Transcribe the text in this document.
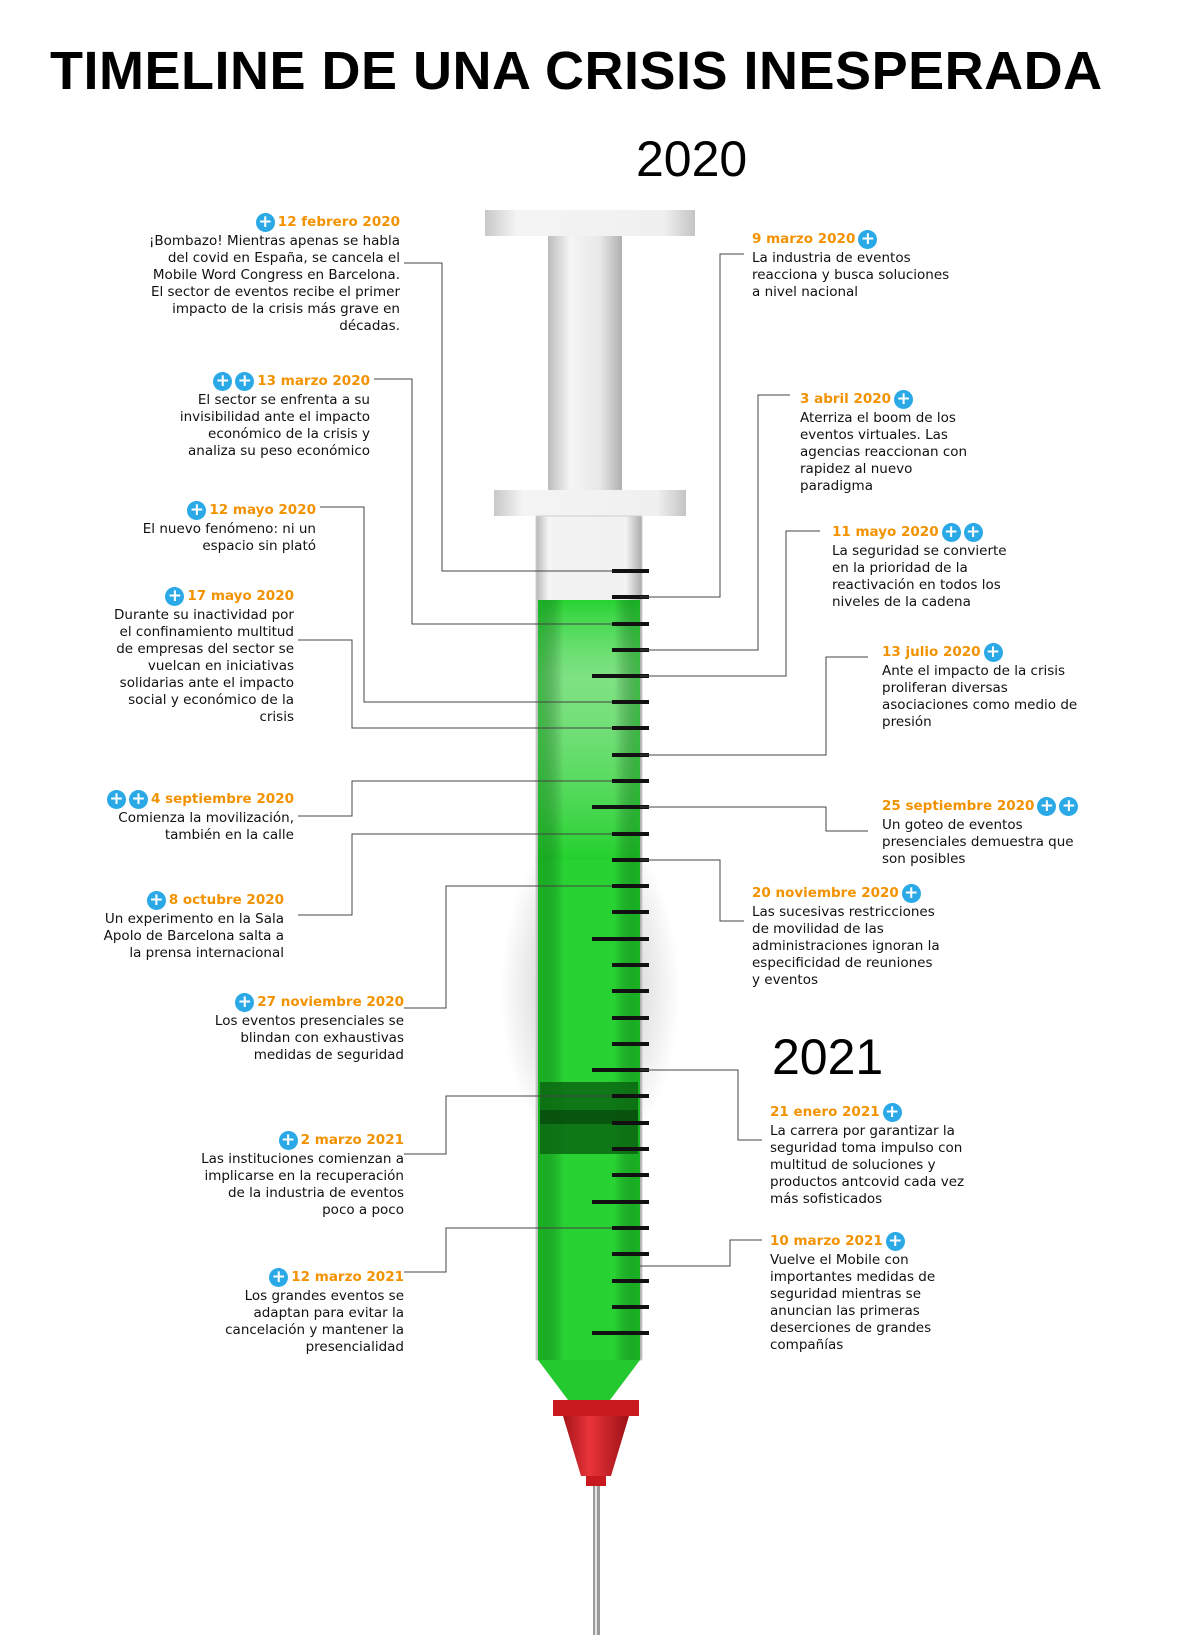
TIMELINE DE UNA CRISIS INESPERADA
2020
2021
+ 12 febrero 2020
¡Bombazo! Mientras apenas se habla del covid en España, se cancela el Mobile Word Congress en Barcelona. El sector de eventos recibe el primer impacto de la crisis más grave en décadas.
9 marzo 2020 +
La industria de eventos reacciona y busca soluciones a nivel nacional
+ + 13 marzo 2020
El sector se enfrenta a su invisibilidad ante el impacto económico de la crisis y analiza su peso económico
3 abril 2020 +
Aterriza el boom de los eventos virtuales. Las agencias reaccionan con rapidez al nuevo paradigma
+ 12 mayo 2020
El nuevo fenómeno: ni un espacio sin plató
11 mayo 2020 + +
La seguridad se convierte en la prioridad de la reactivación en todos los niveles de la cadena
+ 17 mayo 2020
Durante su inactividad por el confinamiento multitud de empresas del sector se vuelcan en iniciativas solidarias ante el impacto social y económico de la crisis
13 julio 2020 +
Ante el impacto de la crisis proliferan diversas asociaciones como medio de presión
+ + 4 septiembre 2020
Comienza la movilización, también en la calle
25 septiembre 2020 + +
Un goteo de eventos presenciales demuestra que son posibles
+ 8 octubre 2020
Un experimento en la Sala Apolo de Barcelona salta a la prensa internacional
20 noviembre 2020 +
Las sucesivas restricciones de movilidad de las administraciones ignoran la especificidad de reuniones y eventos
+ 27 noviembre 2020
Los eventos presenciales se blindan con exhaustivas medidas de seguridad
21 enero 2021 +
La carrera por garantizar la seguridad toma impulso con multitud de soluciones y productos antcovid cada vez más sofisticados
+ 2 marzo 2021
Las instituciones comienzan a implicarse en la recuperación de la industria de eventos poco a poco
10 marzo 2021 +
Vuelve el Mobile con importantes medidas de seguridad mientras se anuncian las primeras deserciones de grandes compañías
+ 12 marzo 2021
Los grandes eventos se adaptan para evitar la cancelación y mantener la presencialidad
